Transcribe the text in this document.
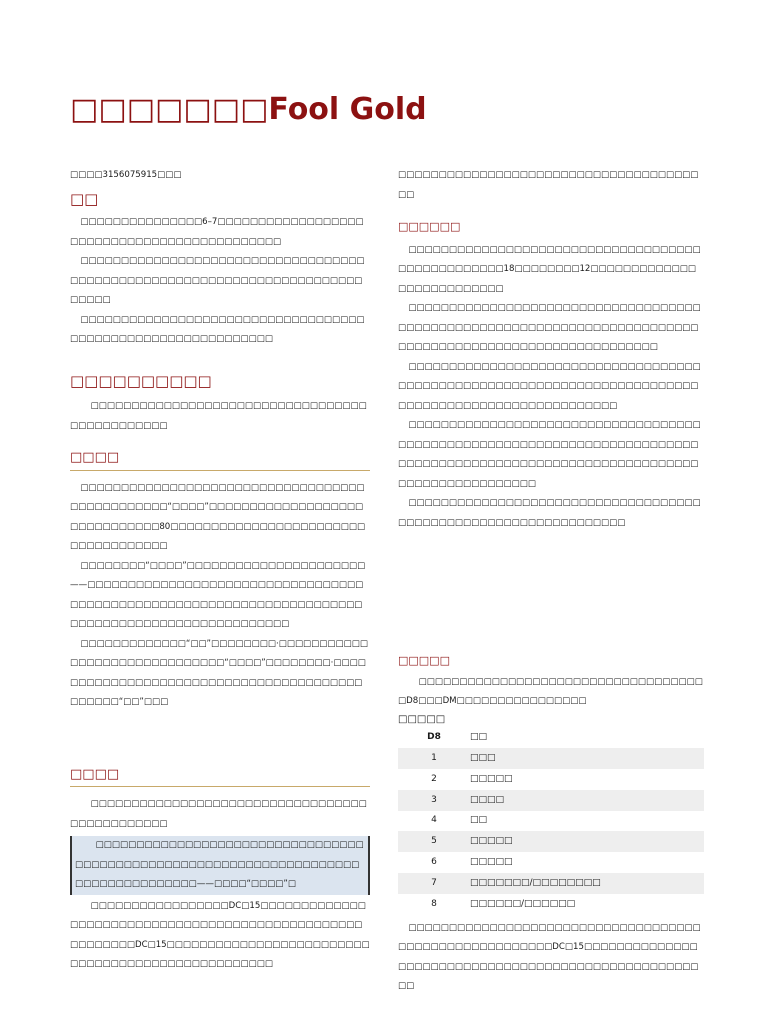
□□□□□□□Fool Gold

□□□□3156075915□□□

□□

□□□□□□□□□□□□□□□6–7□□□□□□□□□□□□□□□□□□□□□□□□□□□□□□□□□□□□□□□□□□□□

□□□□□□□□□□□□□□□□□□□□□□□□□□□□□□□□□□□□□□□□□□□□□□□□□□□□□□□□□□□□□□□□□□□□□□□□□□□□

□□□□□□□□□□□□□□□□□□□□□□□□□□□□□□□□□□□□□□□□□□□□□□□□□□□□□□□□□□□□

□□□□□□□□□□

□□□□□□□□□□□□□□□□□□□□□□□□□□□□□□□□□□□□□□□□□□□□□□

□□□□

□□□□□□□□□□□□□□□□□□□□□□□□□□□□□□□□□□□□□□□□□□□□□□□“□□□□”□□□□□□□□□□□□□□□□□□□□□□□□□□□□□□80□□□□□□□□□□□□□□□□□□□□□□□□□□□□□□□□□□□□

□□□□□□□□“□□□□”□□□□□□□□□□□□□□□□□□□□□□——□□□□□□□□□□□□□□□□□□□□□□□□□□□□□□□□□□□□□□□□□□□□□□□□□□□□□□□□□□□□□□□□□□□□□□□□□□□□□□□□□□□□□□□□□□□□□□□□□

□□□□□□□□□□□□□“□□”□□□□□□□□·□□□□□□□□□□□□□□□□□□□□□□□□□□□□□□“□□□□”□□□□□□□□·□□□□□□□□□□□□□□□□□□□□□□□□□□□□□□□□□□□□□□□□□□□□□□“□□”□□□

□□□□

□□□□□□□□□□□□□□□□□□□□□□□□□□□□□□□□□□□□□□□□□□□□□□

□□□□□□□□□□□□□□□□□□□□□□□□□□□□□□□□□□□□□□□□□□□□□□□□□□□□□□□□□□□□□□□□□□□□□□□□□□□□□□□□□□□——□□□□“□□□□”□

□□□□□□□□□□□□□□□□□DC□15□□□□□□□□□□□□□□□□□□□□□□□□□□□□□□□□□□□□□□□□□□□□□□□□□□□□□□□□□DC□15□□□□□□□□□□□□□□□□□□□□□□□□□□□□□□□□□□□□□□□□□□□□□□□□□□

□□□□□□□□□□□□□□□□□□□□□□□□□□□□□□□□□□□□□□□

□□□□□□

□□□□□□□□□□□□□□□□□□□□□□□□□□□□□□□□□□□□□□□□□□□□□□□□□18□□□□□□□□12□□□□□□□□□□□□□□□□□□□□□□□□□□

□□□□□□□□□□□□□□□□□□□□□□□□□□□□□□□□□□□□□□□□□□□□□□□□□□□□□□□□□□□□□□□□□□□□□□□□□□□□□□□□□□□□□□□□□□□□□□□□□□□□□□□□□

□□□□□□□□□□□□□□□□□□□□□□□□□□□□□□□□□□□□□□□□□□□□□□□□□□□□□□□□□□□□□□□□□□□□□□□□□□□□□□□□□□□□□□□□□□□□□□□□□□□□

□□□□□□□□□□□□□□□□□□□□□□□□□□□□□□□□□□□□□□□□□□□□□□□□□□□□□□□□□□□□□□□□□□□□□□□□□□□□□□□□□□□□□□□□□□□□□□□□□□□□□□□□□□□□□□□□□□□□□□□□□□□□□□□

□□□□□□□□□□□□□□□□□□□□□□□□□□□□□□□□□□□□□□□□□□□□□□□□□□□□□□□□□□□□□□□□

□□□□□

□□□□□□□□□□□□□□□□□□□□□□□□□□□□□□□□□□□□D8□□□DM□□□□□□□□□□□□□□□□

□□□□□

D8	□□
1	□□□
2	□□□□□
3	□□□□
4	□□
5	□□□□□
6	□□□□□
7	□□□□□□□/□□□□□□□□
8	□□□□□□/□□□□□□

□□□□□□□□□□□□□□□□□□□□□□□□□□□□□□□□□□□□□□□□□□□□□□□□□□□□□□□DC□15□□□□□□□□□□□□□□□□□□□□□□□□□□□□□□□□□□□□□□□□□□□□□□□□□□□□□
